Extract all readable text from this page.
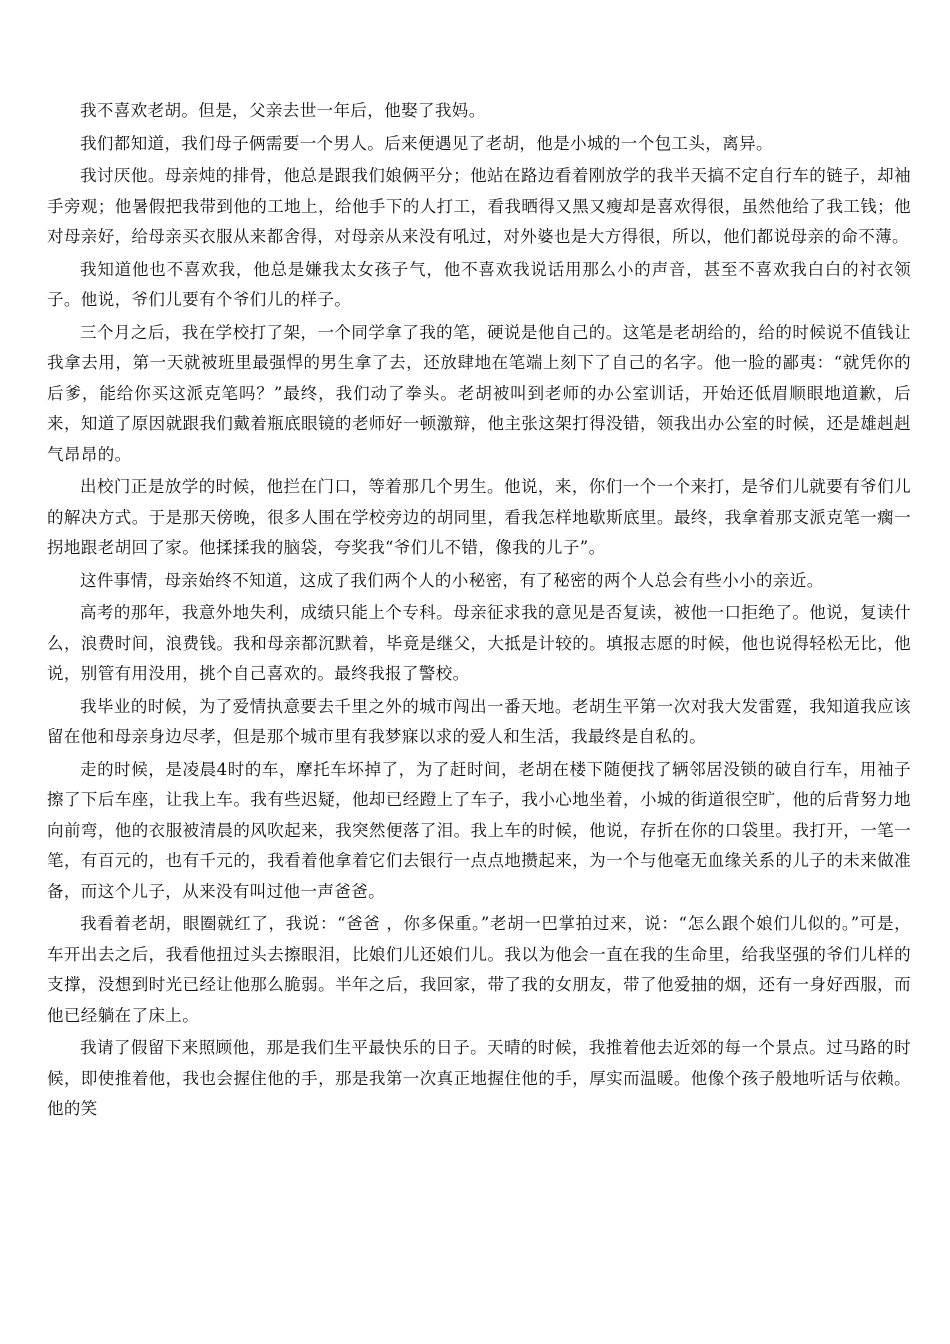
我不喜欢老胡。但是，父亲去世一年后，他娶了我妈。

我们都知道，我们母子俩需要一个男人。后来便遇见了老胡，他是小城的一个包工头，离异。

我讨厌他。母亲炖的排骨，他总是跟我们娘俩平分；他站在路边看着刚放学的我半天搞不定自行车的链子，却袖手旁观；他暑假把我带到他的工地上，给他手下的人打工，看我晒得又黑又瘦却是喜欢得很，虽然他给了我工钱；他对母亲好，给母亲买衣服从来都舍得，对母亲从来没有吼过，对外婆也是大方得很，所以，他们都说母亲的命不薄。

我知道他也不喜欢我，他总是嫌我太女孩子气，他不喜欢我说话用那么小的声音，甚至不喜欢我白白的衬衣领子。他说，爷们儿要有个爷们儿的样子。

三个月之后，我在学校打了架，一个同学拿了我的笔，硬说是他自己的。这笔是老胡给的，给的时候说不值钱让我拿去用，第一天就被班里最强悍的男生拿了去，还放肆地在笔端上刻下了自己的名字。他一脸的鄙夷：“就凭你的后爹，能给你买这派克笔吗？”最终，我们动了拳头。老胡被叫到老师的办公室训话，开始还低眉顺眼地道歉，后来，知道了原因就跟我们戴着瓶底眼镜的老师好一顿激辩，他主张这架打得没错，领我出办公室的时候，还是雄赳赳气昂昂的。

出校门正是放学的时候，他拦在门口，等着那几个男生。他说，来，你们一个一个来打，是爷们儿就要有爷们儿的解决方式。于是那天傍晚，很多人围在学校旁边的胡同里，看我怎样地歇斯底里。最终，我拿着那支派克笔一瘸一拐地跟老胡回了家。他揉揉我的脑袋，夸奖我“爷们儿不错，像我的儿子”。

这件事情，母亲始终不知道，这成了我们两个人的小秘密，有了秘密的两个人总会有些小小的亲近。

高考的那年，我意外地失利，成绩只能上个专科。母亲征求我的意见是否复读，被他一口拒绝了。他说，复读什么，浪费时间，浪费钱。我和母亲都沉默着，毕竟是继父，大抵是计较的。填报志愿的时候，他也说得轻松无比，他说，别管有用没用，挑个自己喜欢的。最终我报了警校。

我毕业的时候，为了爱情执意要去千里之外的城市闯出一番天地。老胡生平第一次对我大发雷霆，我知道我应该留在他和母亲身边尽孝，但是那个城市里有我梦寐以求的爱人和生活，我最终是自私的。

走的时候，是凌晨4时的车，摩托车坏掉了，为了赶时间，老胡在楼下随便找了辆邻居没锁的破自行车，用袖子擦了下后车座，让我上车。我有些迟疑，他却已经蹬上了车子，我小心地坐着，小城的街道很空旷，他的后背努力地向前弯，他的衣服被清晨的风吹起来，我突然便落了泪。我上车的时候，他说，存折在你的口袋里。我打开，一笔一笔，有百元的，也有千元的，我看着他拿着它们去银行一点点地攒起来，为一个与他毫无血缘关系的儿子的未来做准备，而这个儿子，从来没有叫过他一声爸爸。

我看着老胡，眼圈就红了，我说：“爸爸 ，你多保重。”老胡一巴掌拍过来，说：“怎么跟个娘们儿似的。”可是，车开出去之后，我看他扭过头去擦眼泪，比娘们儿还娘们儿。我以为他会一直在我的生命里，给我坚强的爷们儿样的支撑，没想到时光已经让他那么脆弱。半年之后，我回家，带了我的女朋友，带了他爱抽的烟，还有一身好西服，而他已经躺在了床上。

我请了假留下来照顾他，那是我们生平最快乐的日子。天晴的时候，我推着他去近郊的每一个景点。过马路的时候，即使推着他，我也会握住他的手，那是我第一次真正地握住他的手，厚实而温暖。他像个孩子般地听话与依赖。他的笑
